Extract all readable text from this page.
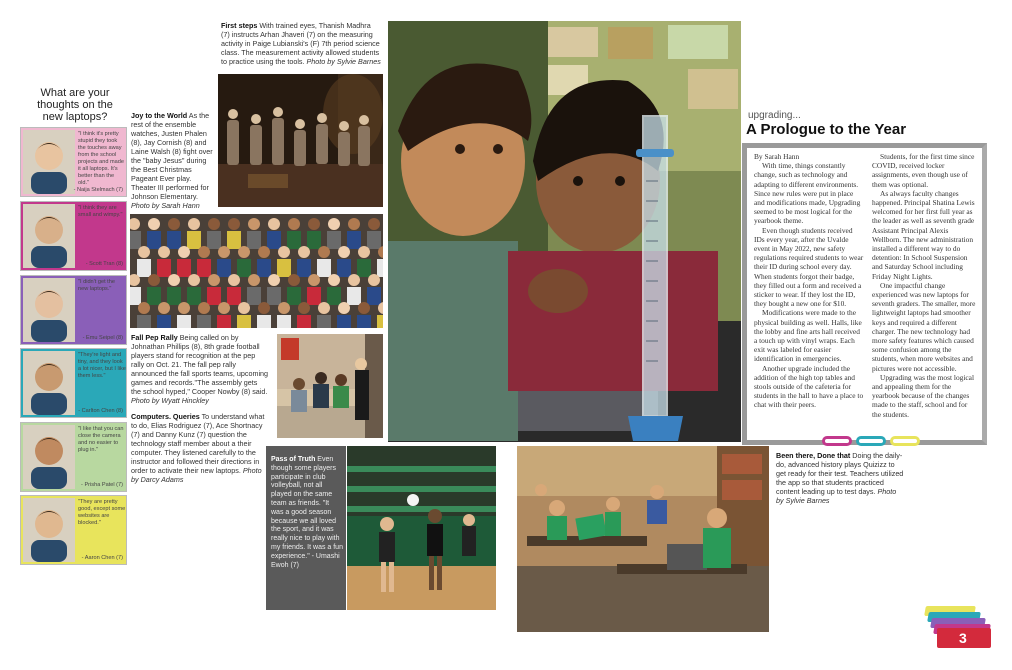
What are your thoughts on the new laptops?
"I think it's pretty stupid they took the touches away from the school projects and made it all laptops. It's better than the old."
- Naija Stelmach (7)
"I think they are small and wimpy."
- Scott Tran (8)
"I didn't get the new laptops."
- Emu Seipel (8)
"They're light and tiny, and they look a lot nicer, but I like them less."
- Carlton Chen (8)
"I like that you can close the camera and no easier to plug in."
- Prisha Patel (7)
"They are pretty good, except some websites are blocked."
- Aaron Chen (7)
First steps With trained eyes, Thanish Madhra (7) instructs Arhan Jhaveri (7) on the measuring activity in Paige Lubianski's (F) 7th period science class. The measurement activity allowed students to practice using the tools. Photo by Sylvie Barnes
Joy to the World As the rest of the ensemble watches, Justen Phalen (8), Jay Cornish (8) and Laine Walsh (8) fight over the "baby Jesus" during the Best Christmas Pageant Ever play. Theater III performed for Johnson Elementary. Photo by Sarah Hann
Fall Pep Rally Being called on by Johnathan Phillips (8), 8th grade football players stand for recognition at the pep rally on Oct. 21. The fall pep rally announced the fall sports teams, upcoming games and records."The assembly gets the school hyped," Cooper Nowby (8) said. Photo by Wyatt Hinckley
Computers. Queries To understand what to do, Elias Rodriguez (7), Ace Shortnacy (7) and Danny Kunz (7) question the technology staff member about a their computer. They listened carefully to the instructor and followed their directions in order to activate their new laptops. Photo by Darcy Adams
upgrading...
A Prologue to the Year
By Sarah Hann

With time, things constantly change, such as technology and adapting to different environments. Since new rules were put in place and modifications made, Upgrading seemed to be most logical for the yearbook theme.

Even though students received IDs every year, after the Uvalde event in May 2022, new safety regulations required students to wear their ID during school every day. When students forgot their badge, they filled out a form and received a sticker to wear. If they lost the ID, they bought a new one for $10.

Modifications were made to the physical building as well. Halls, like the lobby and fine arts hall received a touch up with vinyl wraps. Each exit was labeled for easier identification in emergencies.

Another upgrade included the addition of the high top tables and stools outside of the cafeteria for students in the hall to have a place to chat with their peers.

Students, for the first time since COVID, received locker assignments, even though use of them was optional.

As always faculty changes happened. Principal Shatina Lewis welcomed for her first full year as the leader as well as seventh grade Assistant Principal Alexis Wellborn. The new administration installed a different way to do detention: In School Suspension and Saturday School including Friday Night Lights.

One impactful change experienced was new laptops for seventh graders. The smaller, more lightweight laptops had smoother keys and required a different charger. The new technology had more safety features which caused some confusion among the students, when more websites and pictures were not accessible.

Upgrading was the most logical and appealing them for the yearbook because of the changes made to the staff, school and for the students.

Been there, Done that Doing the daily-do, advanced history plays Quizizz to get ready for their test. Teachers utilized the app so that students practiced content leading up to test days. Photo by Sylvie Barnes
Pass of Truth Even though some players participate in club volleyball, not all played on the same team as friends. "It was a good season because we all loved the sport, and it was really nice to play with my friends. It was a fun experience." - Umashi Ewoh (7)
3
